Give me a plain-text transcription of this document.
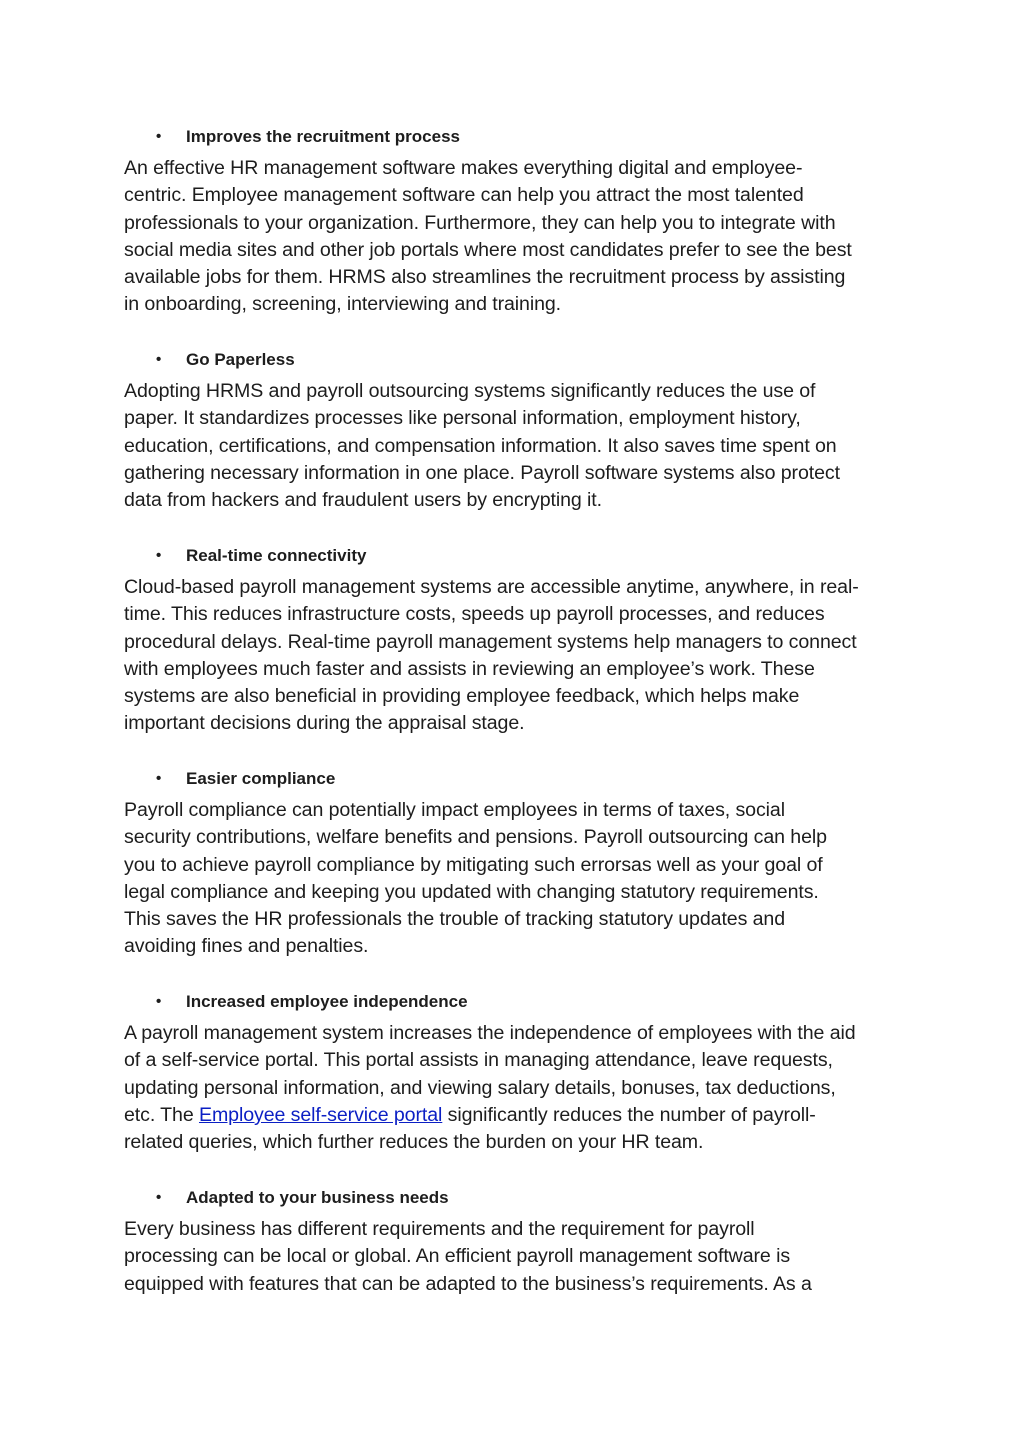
• Improves the recruitment process

An effective HR management software makes everything digital and employee-
centric. Employee management software can help you attract the most talented
professionals to your organization. Furthermore, they can help you to integrate with
social media sites and other job portals where most candidates prefer to see the best
available jobs for them. HRMS also streamlines the recruitment process by assisting
in onboarding, screening, interviewing and training.

• Go Paperless

Adopting HRMS and payroll outsourcing systems significantly reduces the use of
paper. It standardizes processes like personal information, employment history,
education, certifications, and compensation information. It also saves time spent on
gathering necessary information in one place. Payroll software systems also protect
data from hackers and fraudulent users by encrypting it.

• Real-time connectivity

Cloud-based payroll management systems are accessible anytime, anywhere, in real-
time. This reduces infrastructure costs, speeds up payroll processes, and reduces
procedural delays. Real-time payroll management systems help managers to connect
with employees much faster and assists in reviewing an employee’s work. These
systems are also beneficial in providing employee feedback, which helps make
important decisions during the appraisal stage.

• Easier compliance

Payroll compliance can potentially impact employees in terms of taxes, social
security contributions, welfare benefits and pensions. Payroll outsourcing can help
you to achieve payroll compliance by mitigating such errorsas well as your goal of
legal compliance and keeping you updated with changing statutory requirements.
This saves the HR professionals the trouble of tracking statutory updates and
avoiding fines and penalties.

• Increased employee independence

A payroll management system increases the independence of employees with the aid
of a self-service portal. This portal assists in managing attendance, leave requests,
updating personal information, and viewing salary details, bonuses, tax deductions,
etc. The Employee self-service portal significantly reduces the number of payroll-
related queries, which further reduces the burden on your HR team.

• Adapted to your business needs

Every business has different requirements and the requirement for payroll
processing can be local or global. An efficient payroll management software is
equipped with features that can be adapted to the business’s requirements. As a
